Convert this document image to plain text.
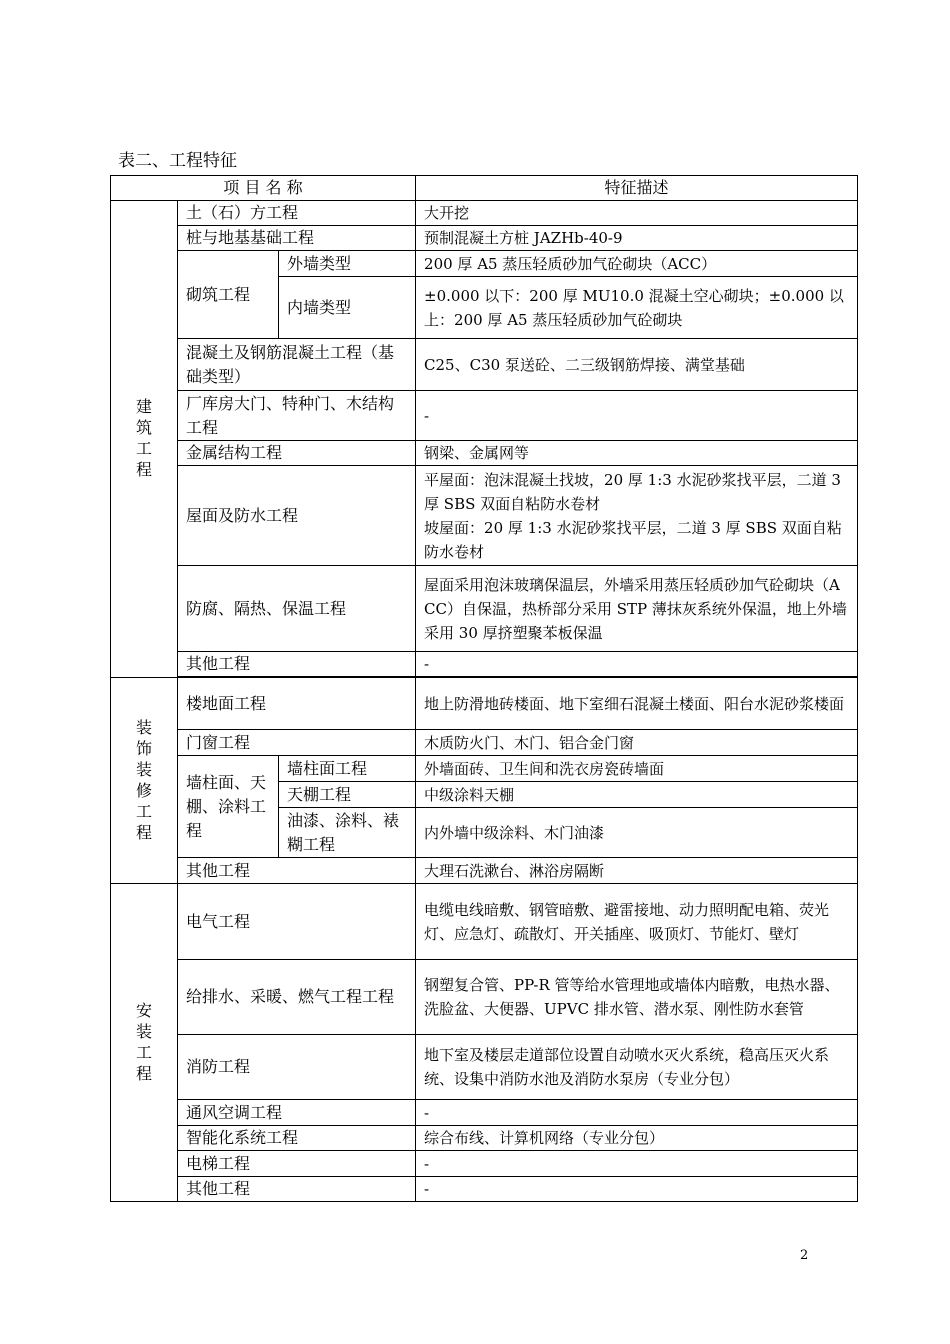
表二、工程特征
项 目 名 称			特征描述
建筑工程	土（石）方工程		大开挖
	桩与地基基础工程		预制混凝土方桩 JAZHb-40-9
	砌筑工程	外墙类型	200 厚 A5 蒸压轻质砂加气砼砌块（ACC）
		内墙类型	±0.000 以下：200 厚 MU10.0 混凝土空心砌块；±0.000 以上：200 厚 A5 蒸压轻质砂加气砼砌块
	混凝土及钢筋混凝土工程（基础类型）		C25、C30 泵送砼、二三级钢筋焊接、满堂基础
	厂库房大门、特种门、木结构工程		-
	金属结构工程		钢梁、金属网等
	屋面及防水工程		平屋面：泡沫混凝土找坡，20 厚 1:3 水泥砂浆找平层，二道 3 厚 SBS 双面自粘防水卷材
坡屋面：20 厚 1:3 水泥砂浆找平层，二道 3 厚 SBS 双面自粘防水卷材

	防腐、隔热、保温工程		屋面采用泡沫玻璃保温层，外墙采用蒸压轻质砂加气砼砌块（ACC）自保温，热桥部分采用 STP 薄抹灰系统外保温，地上外墙采用 30 厚挤塑聚苯板保温
	其他工程		-

装饰装修工程	楼地面工程		地上防滑地砖楼面、地下室细石混凝土楼面、阳台水泥砂浆楼面
	门窗工程		木质防火门、木门、铝合金门窗
	墙柱面、天棚、涂料工程	墙柱面工程	外墙面砖、卫生间和洗衣房瓷砖墙面
		天棚工程	中级涂料天棚
		油漆、涂料、裱糊工程	内外墙中级涂料、木门油漆
	其他工程		大理石洗漱台、淋浴房隔断
安装工程	电气工程		电缆电线暗敷、钢管暗敷、避雷接地、动力照明配电箱、荧光灯、应急灯、疏散灯、开关插座、吸顶灯、节能灯、壁灯
	给排水、采暖、燃气工程工程		钢塑复合管、PP-R 管等给水管理地或墙体内暗敷，电热水器、洗脸盆、大便器、UPVC 排水管、潜水泵、刚性防水套管
	消防工程		地下室及楼层走道部位设置自动喷水灭火系统，稳高压灭火系统、设集中消防水池及消防水泵房（专业分包）
	通风空调工程		-
	智能化系统工程		综合布线、计算机网络（专业分包）
	电梯工程		-
	其他工程		-
2
